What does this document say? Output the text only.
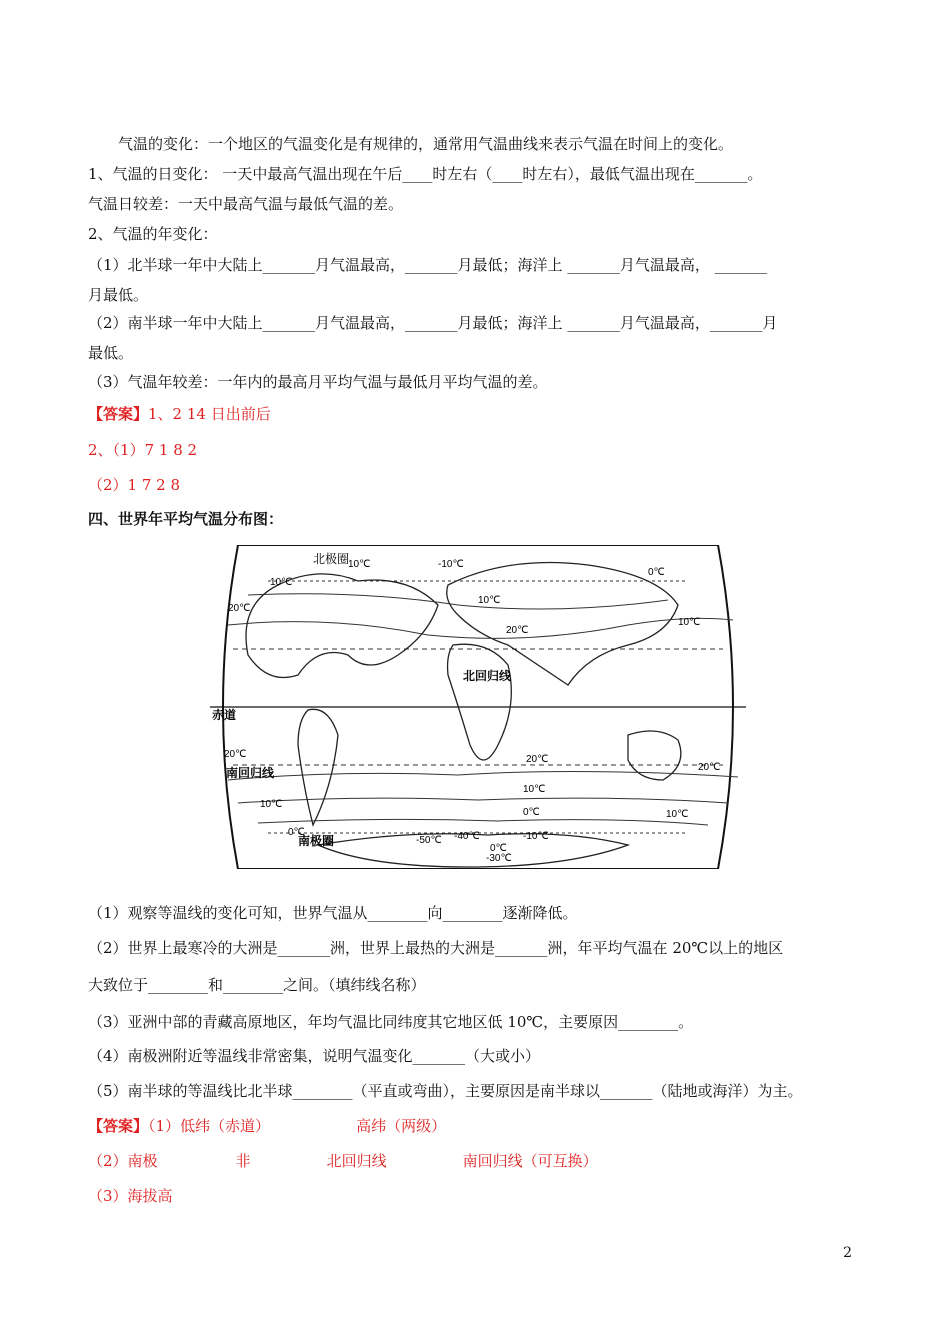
气温的变化：一个地区的气温变化是有规律的，通常用气温曲线来表示气温在时间上的变化。
1、气温的日变化： 一天中最高气温出现在午后____时左右（____时左右），最低气温出现在_______。
气温日较差：一天中最高气温与最低气温的差。
2、气温的年变化：
（1）北半球一年中大陆上_______月气温最高，_______月最低；海洋上 _______月气温最高， _______
月最低。
（2）南半球一年中大陆上_______月气温最高，_______月最低；海洋上 _______月气温最高，_______月
最低。
（3）气温年较差：一年内的最高月平均气温与最低月平均气温的差。
【答案】1、2 14 日出前后
2、（1）7 1 8 2
（2）1 7 2 8
四、世界年平均气温分布图：
北极圈
北回归线
赤道
南回归线
南极圈
10℃
20℃
10℃
0℃
20℃
10℃
10℃	-10℃
20℃	20℃
20℃
10℃
10℃
10℃
0℃
0℃
-10℃
-50℃ -40℃
-30℃
0℃
（1）观察等温线的变化可知，世界气温从________向________逐渐降低。
（2）世界上最寒冷的大洲是_______洲，世界上最热的大洲是_______洲，年平均气温在 20℃以上的地区
大致位于________和________之间。（填纬线名称）
（3）亚洲中部的青藏高原地区，年均气温比同纬度其它地区低 10℃，主要原因________。
（4）南极洲附近等温线非常密集，说明气温变化_______（大或小）
（5）南半球的等温线比北半球________（平直或弯曲），主要原因是南半球以_______（陆地或海洋）为主。
【答案】（1）低纬（赤道）	高纬（两级）
（2）南极	非	北回归线	南回归线（可互换）
（3）海拔高
2
